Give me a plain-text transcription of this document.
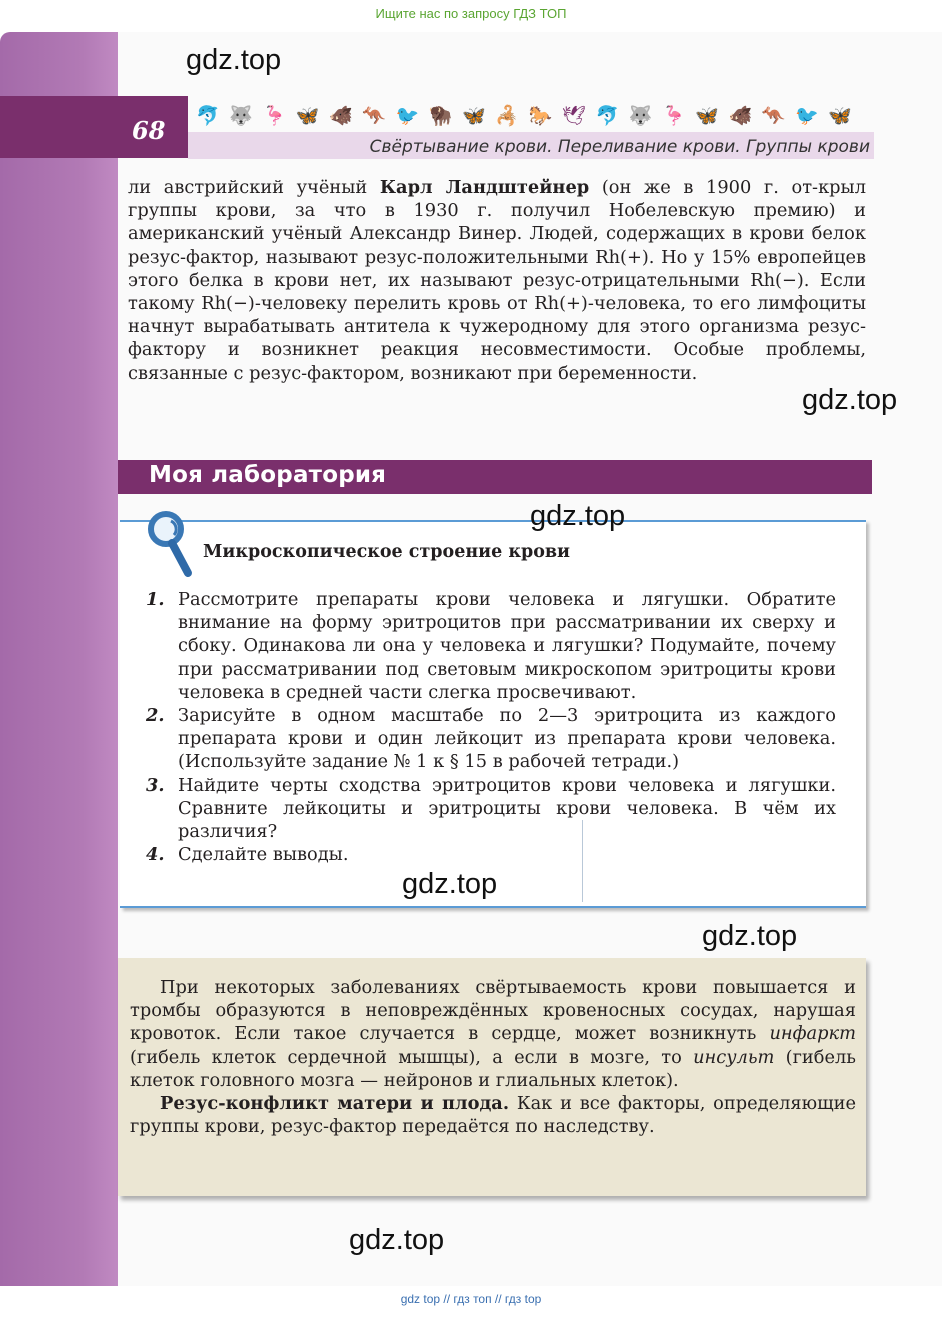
Ищите нас по запросу ГДЗ ТОП
68
🐬 🐺 🦩 🦋 🐗 🦘 🐦 🦬 🦋 🦂 🐎 🕊 🐬 🐺 🦩 🦋 🐗 🦘 🐦 🦋
Свёртывание крови. Переливание крови. Группы крови
gdz.top
ли австрийский учёный Карл Ландштейнер (он же в 1900 г. от-крыл группы крови, за что в 1930 г. получил Нобелевскую премию) и американский учёный Александр Винер. Людей, содержащих в крови белок резус-фактор, называют резус-положительными Rh(+). Но у 15% европейцев этого белка в крови нет, их называют резус-отрицательными Rh(−). Если такому Rh(−)-человеку перелить кровь от Rh(+)-человека, то его лимфоциты начнут вырабатывать антитела к чужеродному для этого организма резус-фактору и возникнет реакция несовместимости. Особые проблемы, связанные с резус-фактором, возникают при беременности.
gdz.top
Моя лаборатория
gdz.top
Микроскопическое строение крови
1. Рассмотрите препараты крови человека и лягушки. Обратите внимание на форму эритроцитов при рассматривании их сверху и сбоку. Одинакова ли она у человека и лягушки? Подумайте, почему при рассматривании под световым микроскопом эритроциты крови человека в средней части слегка просвечивают.
2. Зарисуйте в одном масштабе по 2—3 эритроцита из каждого препарата крови и один лейкоцит из препарата крови человека. (Используйте задание № 1 к § 15 в рабочей тетради.)
3. Найдите черты сходства эритроцитов крови человека и лягушки. Сравните лейкоциты и эритроциты крови человека. В чём их различия?
4. Сделайте выводы.
gdz.top
gdz.top

При некоторых заболеваниях свёртываемость крови повышается и тромбы образуются в неповреждённых кровеносных сосудах, нарушая кровоток. Если такое случается в сердце, может возникнуть инфаркт (гибель клеток сердечной мышцы), а если в мозге, то инсульт (гибель клеток головного мозга — нейронов и глиальных клеток).

Резус-конфликт матери и плода. Как и все факторы, определяющие группы крови, резус-фактор передаётся по наследству.

gdz.top
gdz top // гдз топ // гдз top
